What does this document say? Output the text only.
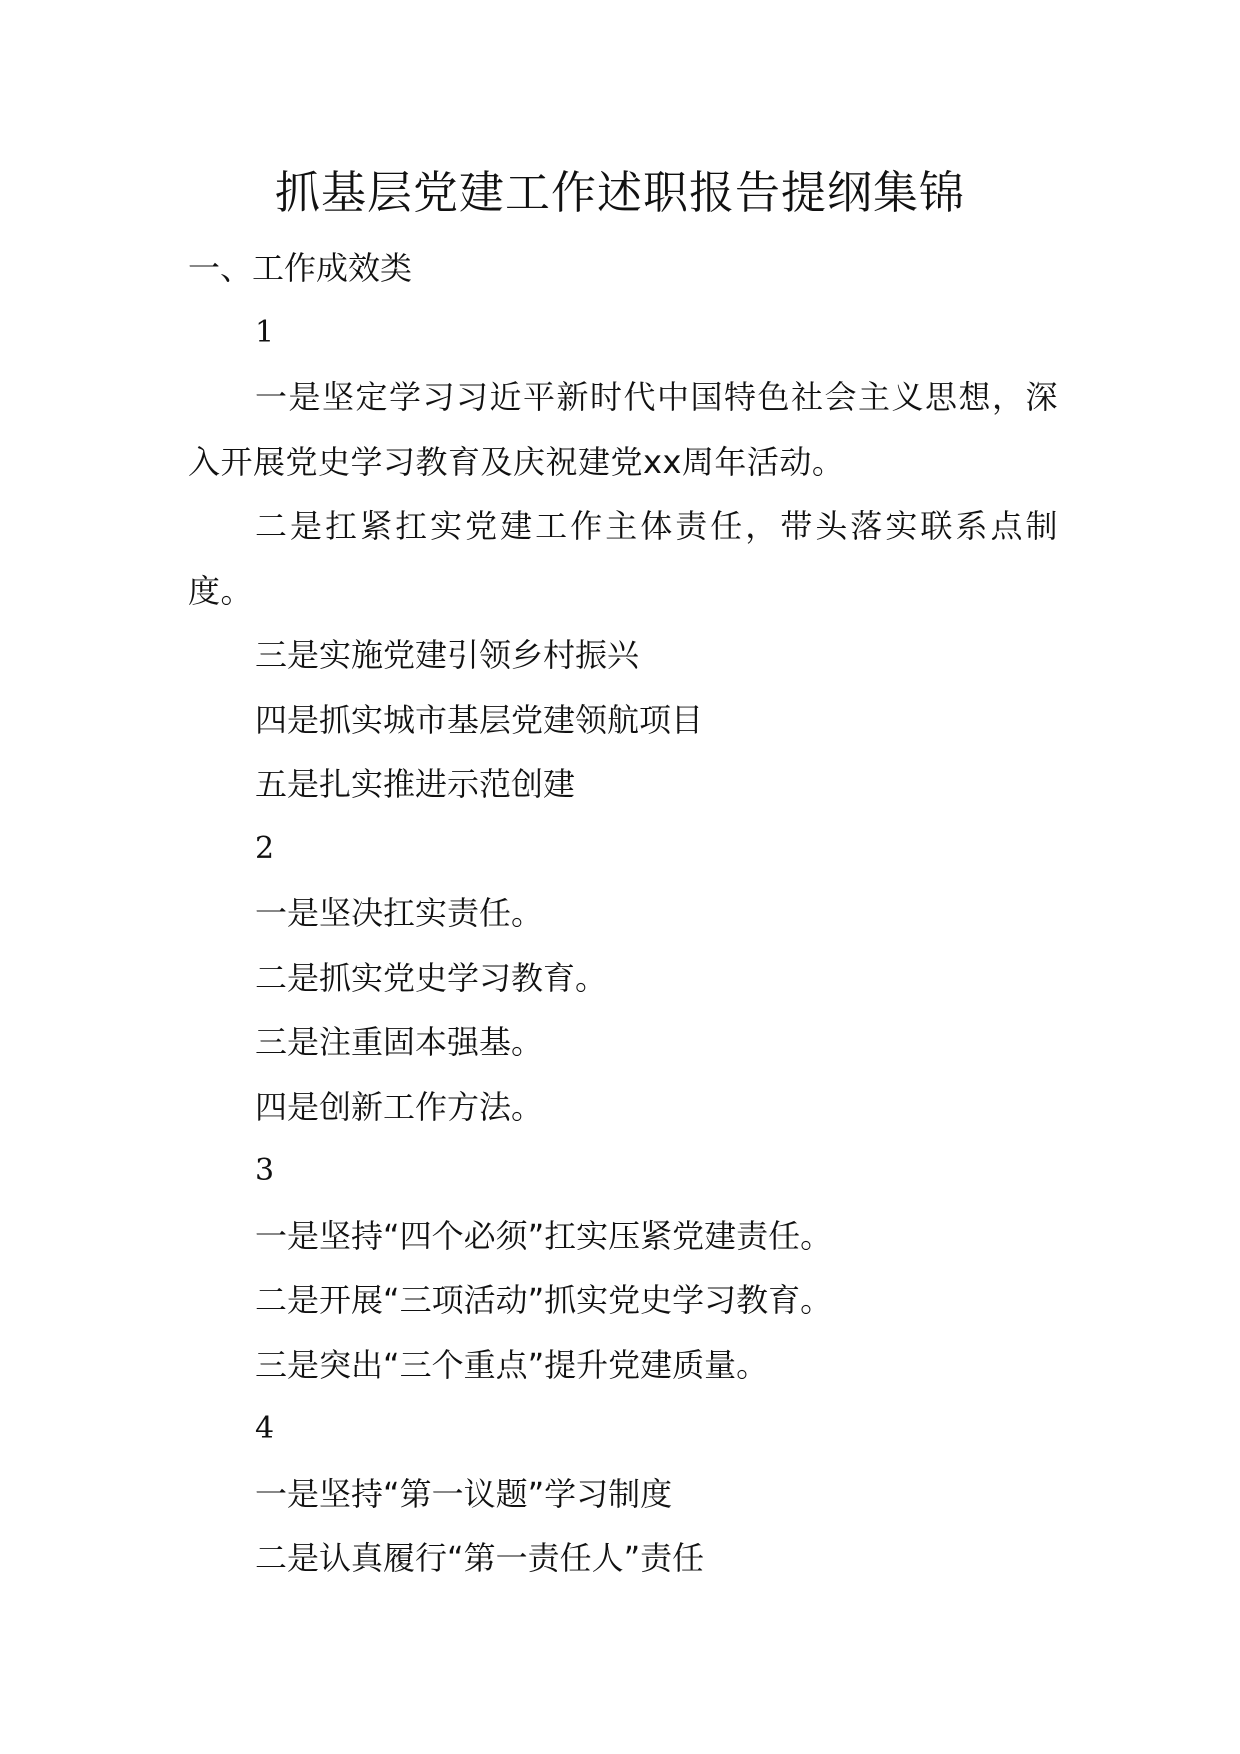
抓基层党建工作述职报告提纲集锦

一、工作成效类

1

一是坚定学习习近平新时代中国特色社会主义思想，深入开展党史学习教育及庆祝建党xx周年活动。

二是扛紧扛实党建工作主体责任，带头落实联系点制度。

三是实施党建引领乡村振兴

四是抓实城市基层党建领航项目

五是扎实推进示范创建

2

一是坚决扛实责任。

二是抓实党史学习教育。

三是注重固本强基。

四是创新工作方法。

3

一是坚持“四个必须”扛实压紧党建责任。

二是开展“三项活动”抓实党史学习教育。

三是突出“三个重点”提升党建质量。

4

一是坚持“第一议题”学习制度

二是认真履行“第一责任人”责任
